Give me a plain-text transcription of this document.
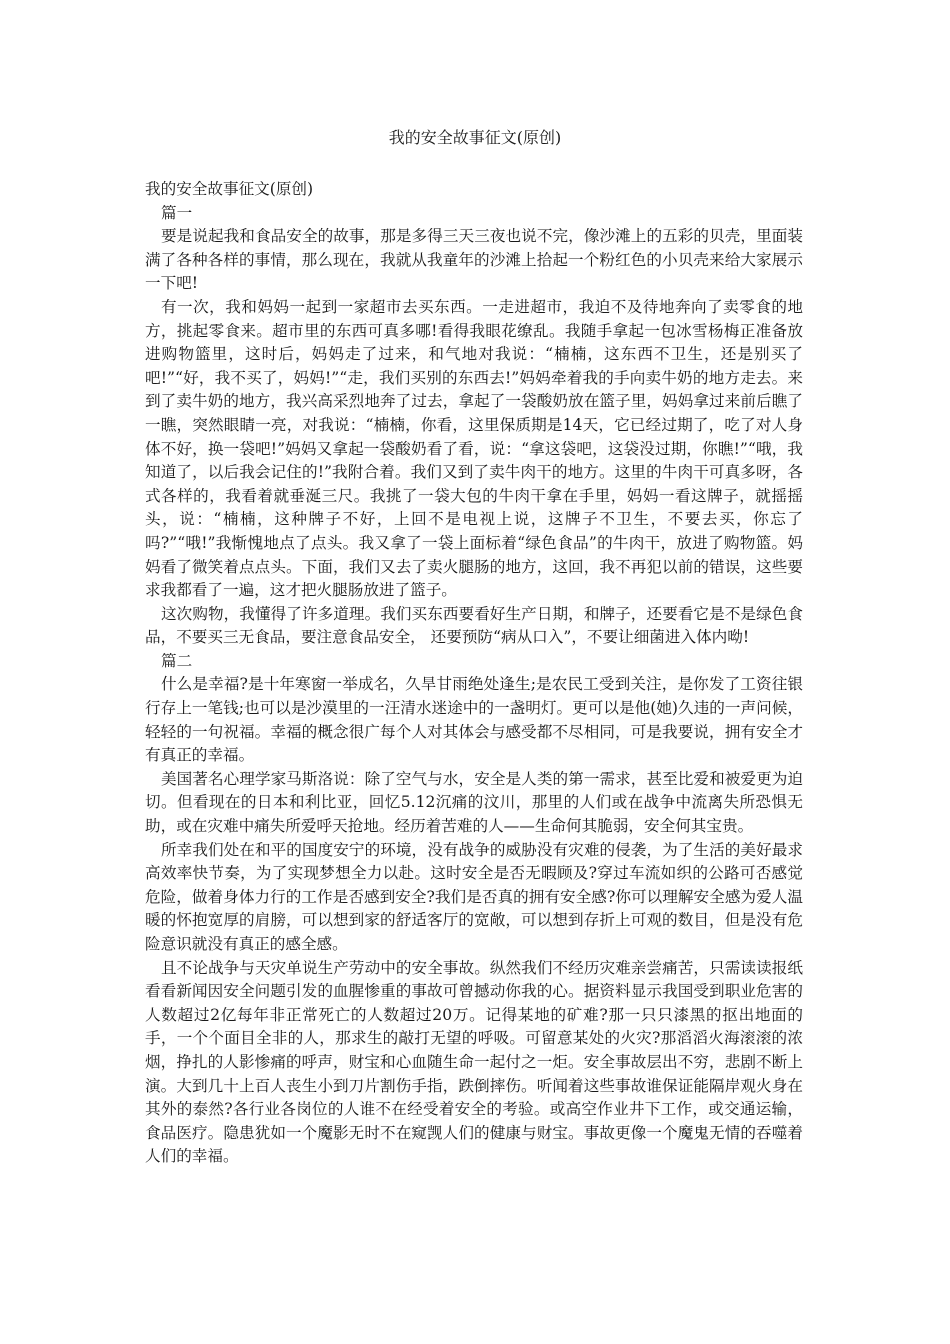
我的安全故事征文(原创)

我的安全故事征文(原创)

篇一

要是说起我和食品安全的故事，那是多得三天三夜也说不完，像沙滩上的五彩的贝壳，里面装满了各种各样的事情，那么现在，我就从我童年的沙滩上拾起一个粉红色的小贝壳来给大家展示一下吧!

有一次，我和妈妈一起到一家超市去买东西。一走进超市，我迫不及待地奔向了卖零食的地方，挑起零食来。超市里的东西可真多哪!看得我眼花缭乱。我随手拿起一包冰雪杨梅正准备放进购物篮里，这时后，妈妈走了过来，和气地对我说：“楠楠，这东西不卫生，还是别买了吧!”“好，我不买了，妈妈!”“走，我们买别的东西去!”妈妈牵着我的手向卖牛奶的地方走去。来到了卖牛奶的地方，我兴高采烈地奔了过去，拿起了一袋酸奶放在篮子里，妈妈拿过来前后瞧了一瞧，突然眼睛一亮，对我说：“楠楠，你看，这里保质期是14天，它已经过期了，吃了对人身体不好，换一袋吧!”妈妈又拿起一袋酸奶看了看，说：“拿这袋吧，这袋没过期，你瞧!”“哦，我知道了，以后我会记住的!”我附合着。我们又到了卖牛肉干的地方。这里的牛肉干可真多呀，各式各样的，我看着就垂涎三尺。我挑了一袋大包的牛肉干拿在手里，妈妈一看这牌子，就摇摇头，说：“楠楠，这种牌子不好，上回不是电视上说，这牌子不卫生，不要去买，你忘了吗?”“哦!”我惭愧地点了点头。我又拿了一袋上面标着“绿色食品”的牛肉干，放进了购物篮。妈妈看了微笑着点点头。下面，我们又去了卖火腿肠的地方，这回，我不再犯以前的错误，这些要求我都看了一遍，这才把火腿肠放进了篮子。

这次购物，我懂得了许多道理。我们买东西要看好生产日期，和牌子，还要看它是不是绿色食品，不要买三无食品，要注意食品安全， 还要预防“病从口入”，不要让细菌进入体内呦!

篇二

什么是幸福?是十年寒窗一举成名，久旱甘雨绝处逢生;是农民工受到关注，是你发了工资往银行存上一笔钱;也可以是沙漠里的一汪清水迷途中的一盏明灯。更可以是他(她)久违的一声问候，轻轻的一句祝福。幸福的概念很广每个人对其体会与感受都不尽相同，可是我要说，拥有安全才有真正的幸福。

美国著名心理学家马斯洛说：除了空气与水，安全是人类的第一需求，甚至比爱和被爱更为迫切。但看现在的日本和利比亚，回忆5.12沉痛的汶川，那里的人们或在战争中流离失所恐惧无助，或在灾难中痛失所爱呼天抢地。经历着苦难的人——生命何其脆弱，安全何其宝贵。

所幸我们处在和平的国度安宁的环境，没有战争的威胁没有灾难的侵袭，为了生活的美好最求高效率快节奏，为了实现梦想全力以赴。这时安全是否无暇顾及?穿过车流如织的公路可否感觉危险，做着身体力行的工作是否感到安全?我们是否真的拥有安全感?你可以理解安全感为爱人温暖的怀抱宽厚的肩膀，可以想到家的舒适客厅的宽敞，可以想到存折上可观的数目，但是没有危险意识就没有真正的感全感。

且不论战争与天灾单说生产劳动中的安全事故。纵然我们不经历灾难亲尝痛苦，只需读读报纸看看新闻因安全问题引发的血腥惨重的事故可曾撼动你我的心。据资料显示我国受到职业危害的人数超过2亿每年非正常死亡的人数超过20万。记得某地的矿难?那一只只漆黑的抠出地面的手，一个个面目全非的人，那求生的敲打无望的呼吸。可留意某处的火灾?那滔滔火海滚滚的浓烟，挣扎的人影惨痛的呼声，财宝和心血随生命一起付之一炬。安全事故层出不穷，悲剧不断上演。大到几十上百人丧生小到刀片割伤手指，跌倒摔伤。听闻着这些事故谁保证能隔岸观火身在其外的泰然?各行业各岗位的人谁不在经受着安全的考验。或高空作业井下工作，或交通运输，食品医疗。隐患犹如一个魔影无时不在窥觊人们的健康与财宝。事故更像一个魔鬼无情的吞噬着人们的幸福。
